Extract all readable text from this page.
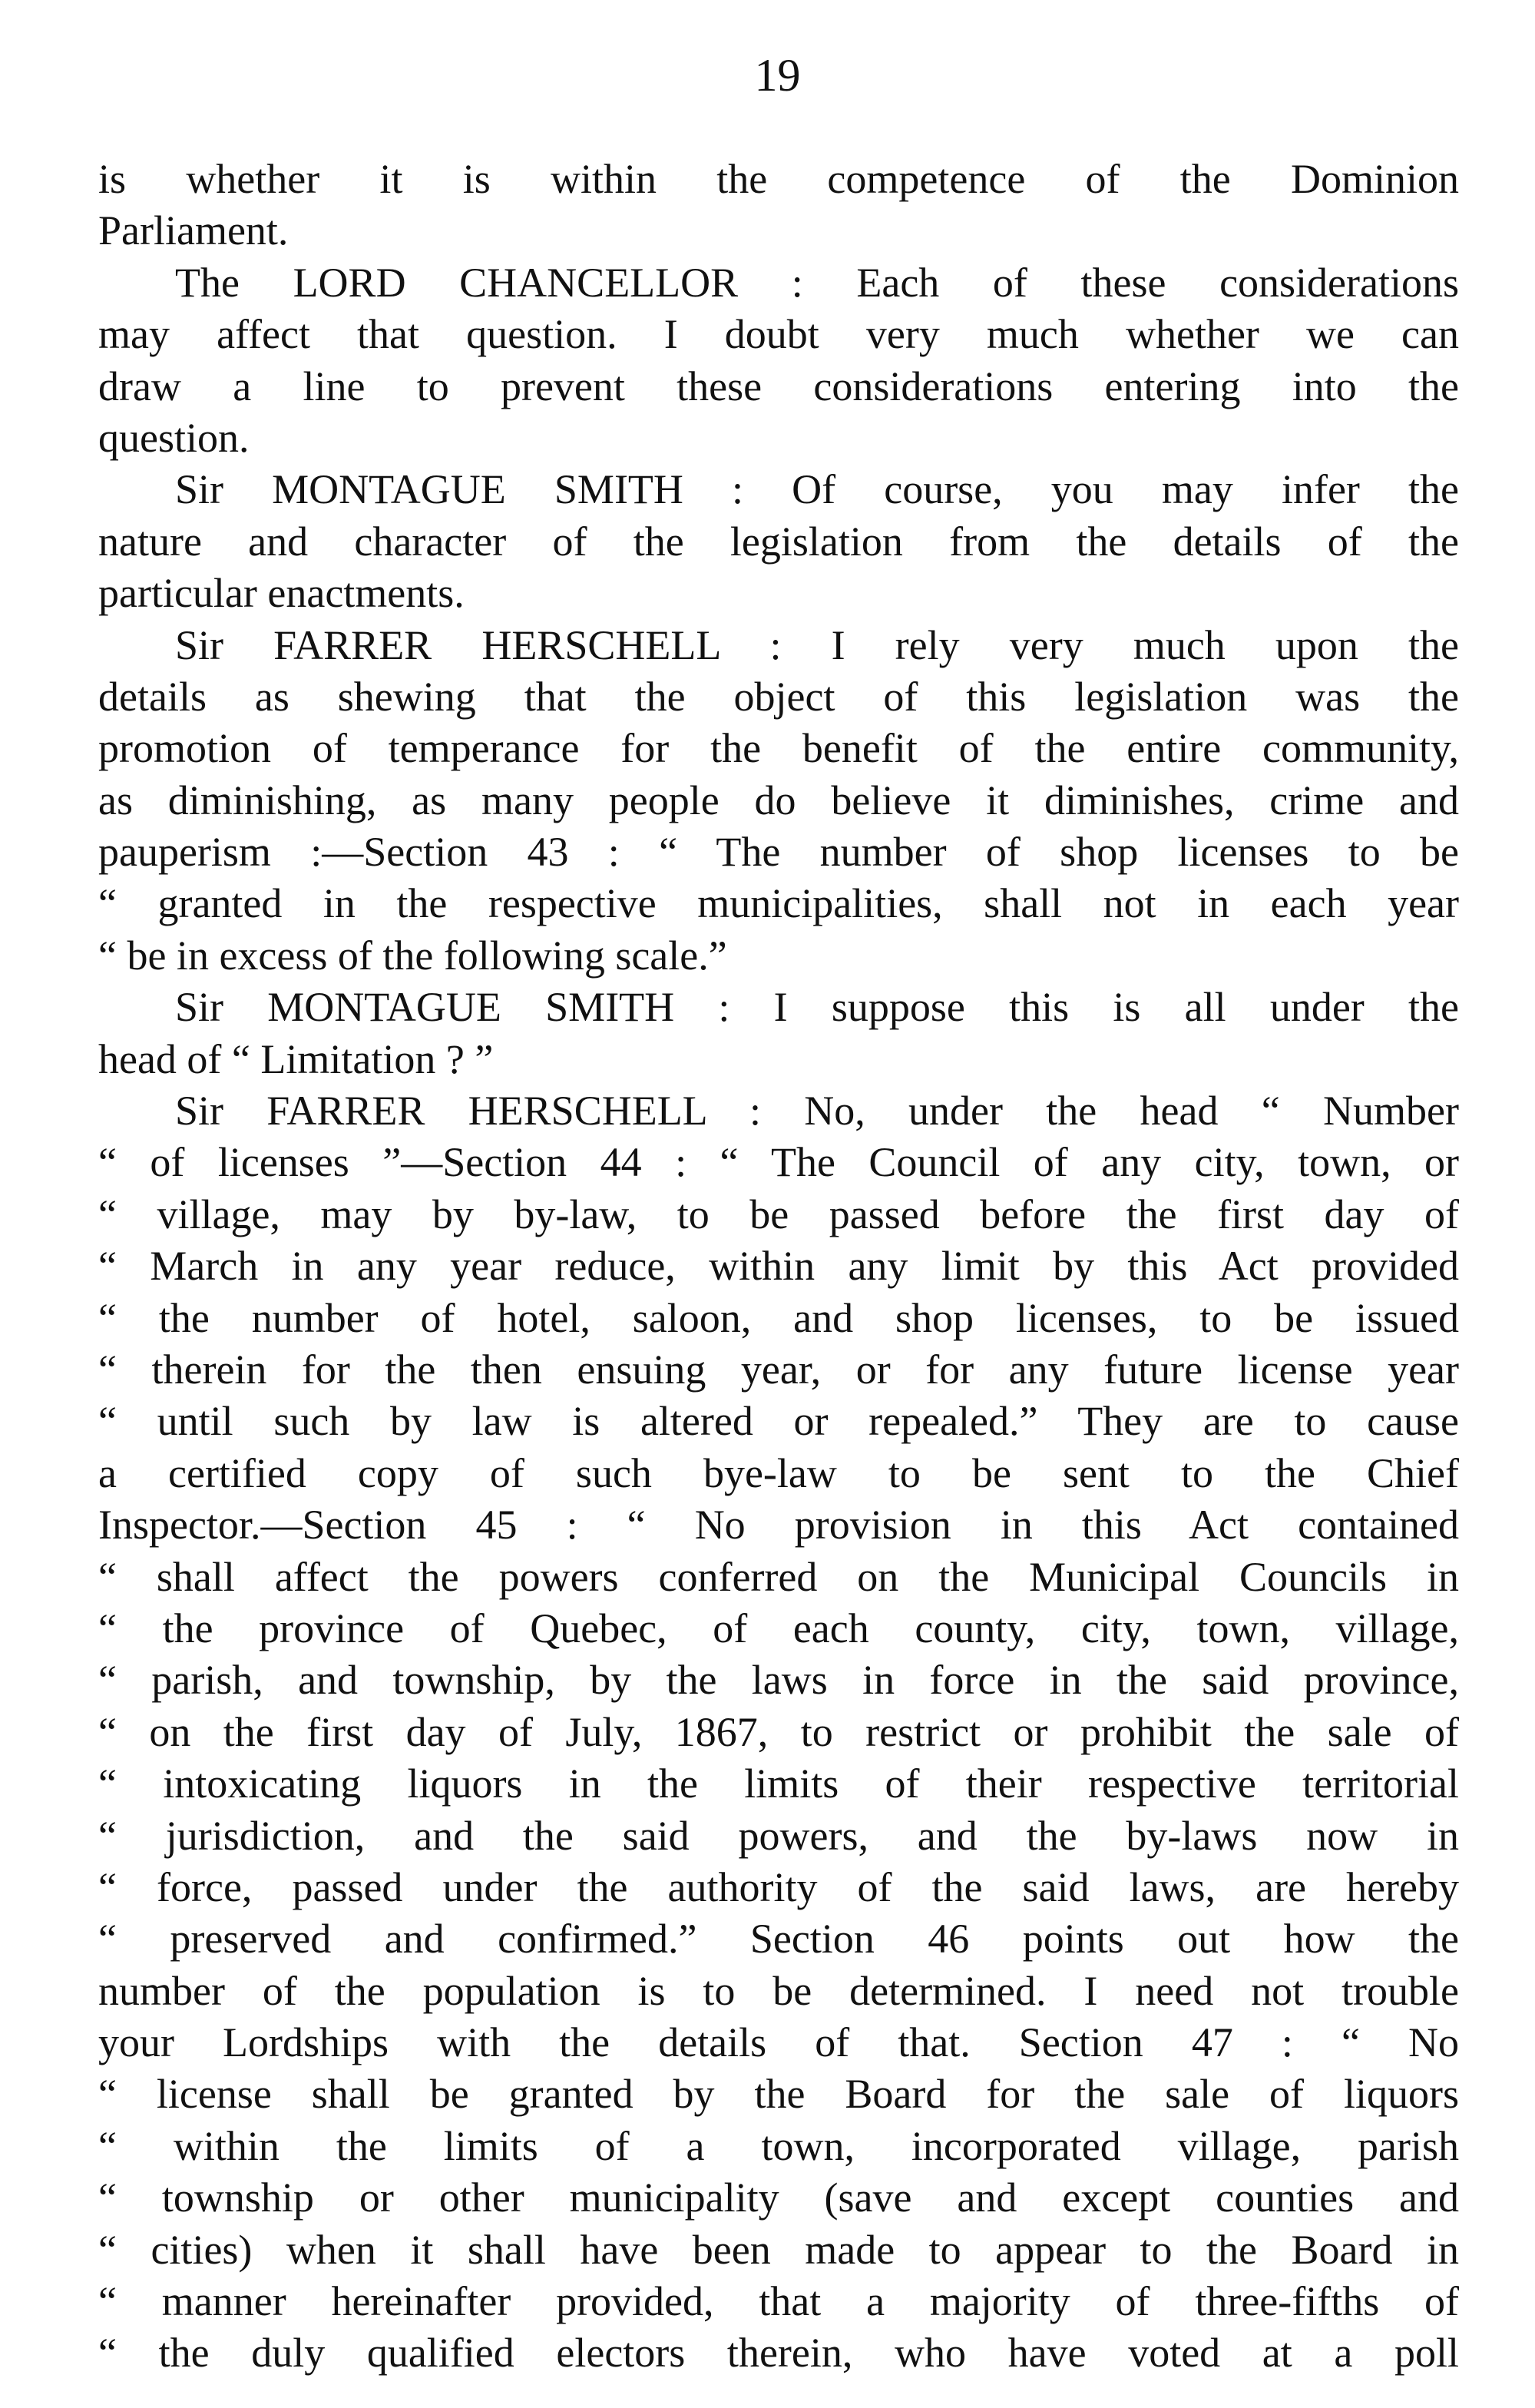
19
is whether it is within the competence of the Dominion
Parliament.
The LORD CHANCELLOR : Each of these considerations
may affect that question. I doubt very much whether we can
draw a line to prevent these considerations entering into the
question.
Sir MONTAGUE SMITH : Of course, you may infer the
nature and character of the legislation from the details of the
particular enactments.
Sir FARRER HERSCHELL : I rely very much upon the
details as shewing that the object of this legislation was the
promotion of temperance for the benefit of the entire community,
as diminishing, as many people do believe it diminishes, crime and
pauperism :—Section 43 : “ The number of shop licenses to be
“ granted in the respective municipalities, shall not in each year
“ be in excess of the following scale.”
Sir MONTAGUE SMITH : I suppose this is all under the
head of “ Limitation ? ”
Sir FARRER HERSCHELL : No, under the head “ Number
“ of licenses ”—Section 44 : “ The Council of any city, town, or
“ village, may by by-law, to be passed before the first day of
“ March in any year reduce, within any limit by this Act provided
“ the number of hotel, saloon, and shop licenses, to be issued
“ therein for the then ensuing year, or for any future license year
“ until such by law is altered or repealed.” They are to cause
a certified copy of such bye-law to be sent to the Chief
Inspector.—Section 45 : “ No provision in this Act contained
“ shall affect the powers conferred on the Municipal Councils in
“ the province of Quebec, of each county, city, town, village,
“ parish, and township, by the laws in force in the said province,
“ on the first day of July, 1867, to restrict or prohibit the sale of
“ intoxicating liquors in the limits of their respective territorial
“ jurisdiction, and the said powers, and the by-laws now in
“ force, passed under the authority of the said laws, are hereby
“ preserved and confirmed.” Section 46 points out how the
number of the population is to be determined. I need not trouble
your Lordships with the details of that. Section 47 : “ No
“ license shall be granted by the Board for the sale of liquors
“ within the limits of a town, incorporated village, parish
“ township or other municipality (save and except counties and
“ cities) when it shall have been made to appear to the Board in
“ manner hereinafter provided, that a majority of three-fifths of
“ the duly qualified electors therein, who have voted at a poll
